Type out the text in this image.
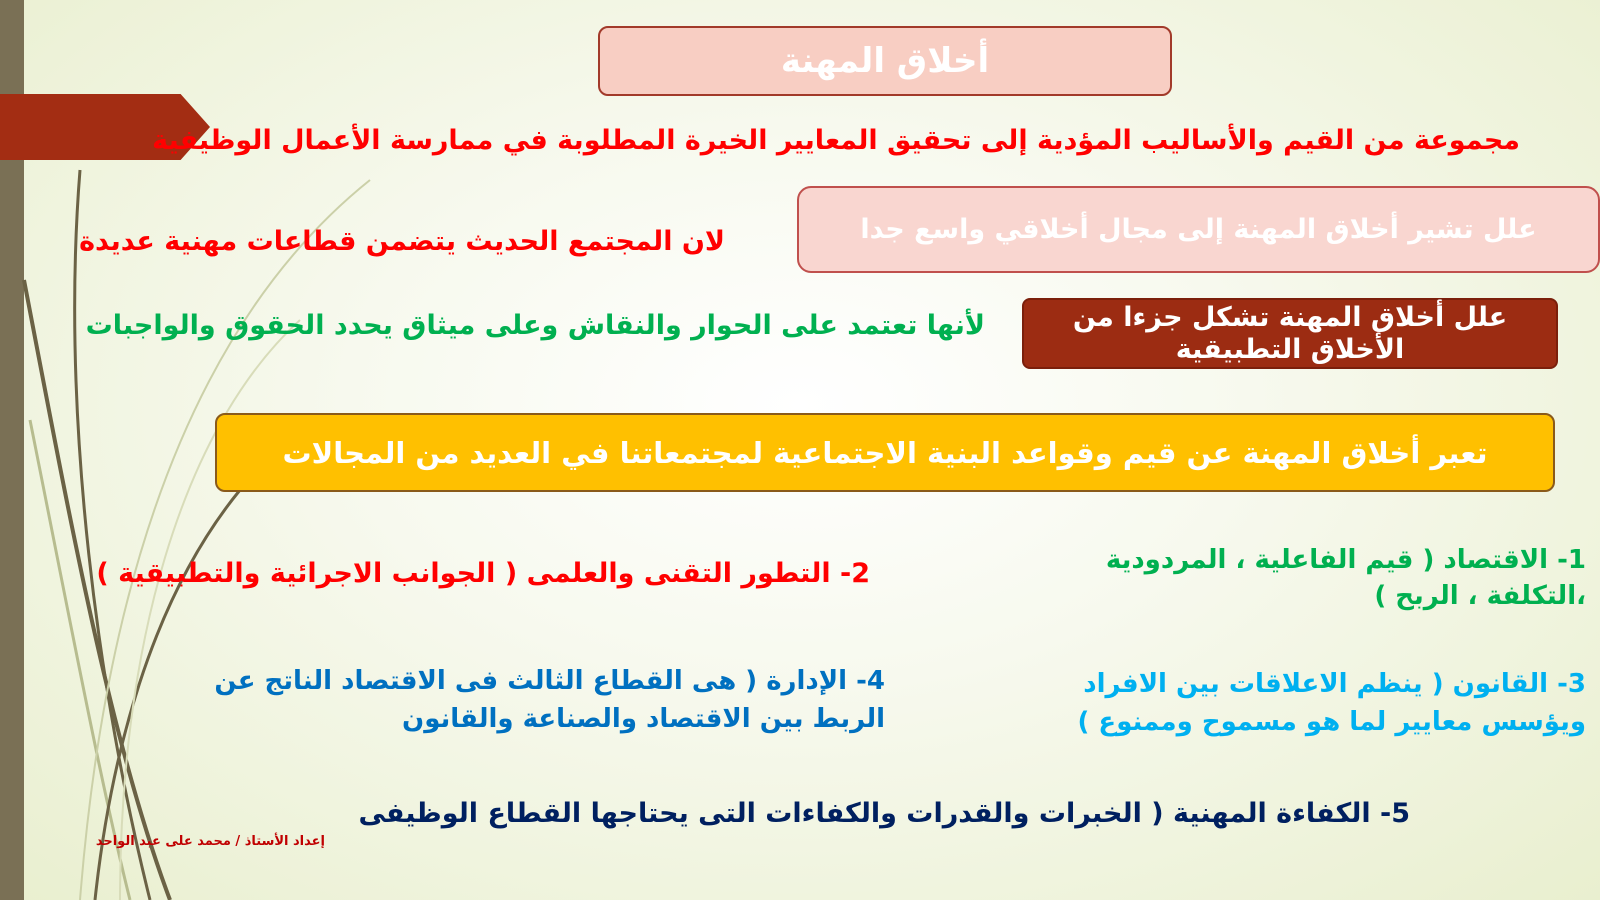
أخلاق المهنة
مجموعة من القيم والأساليب المؤدية إلى تحقيق المعايير الخيرة المطلوبة في ممارسة الأعمال الوظيفية
علل تشير أخلاق المهنة إلى مجال أخلاقي واسع جدا
لان المجتمع الحديث يتضمن قطاعات مهنية عديدة
علل أخلاق المهنة تشكل جزءا من الأخلاق التطبيقية
لأنها تعتمد على الحوار والنقاش وعلى ميثاق يحدد الحقوق والواجبات
تعبر أخلاق المهنة عن قيم وقواعد البنية الاجتماعية لمجتمعاتنا في العديد من المجالات
1- الاقتصاد ( قيم الفاعلية ، المردودية ،التكلفة ، الربح )
2- التطور التقنى والعلمى ( الجوانب الاجرائية والتطبيقية )
3- القانون ( ينظم الاعلاقات بين الافراد
ويؤسس معايير لما هو مسموح وممنوع )
4- الإدارة ( هى القطاع الثالث فى الاقتصاد الناتج عن الربط بين الاقتصاد والصناعة والقانون
5- الكفاءة المهنية ( الخبرات والقدرات والكفاءات التى يحتاجها القطاع الوظيفى
إعداد الأستاذ / محمد على عبد الواحد
